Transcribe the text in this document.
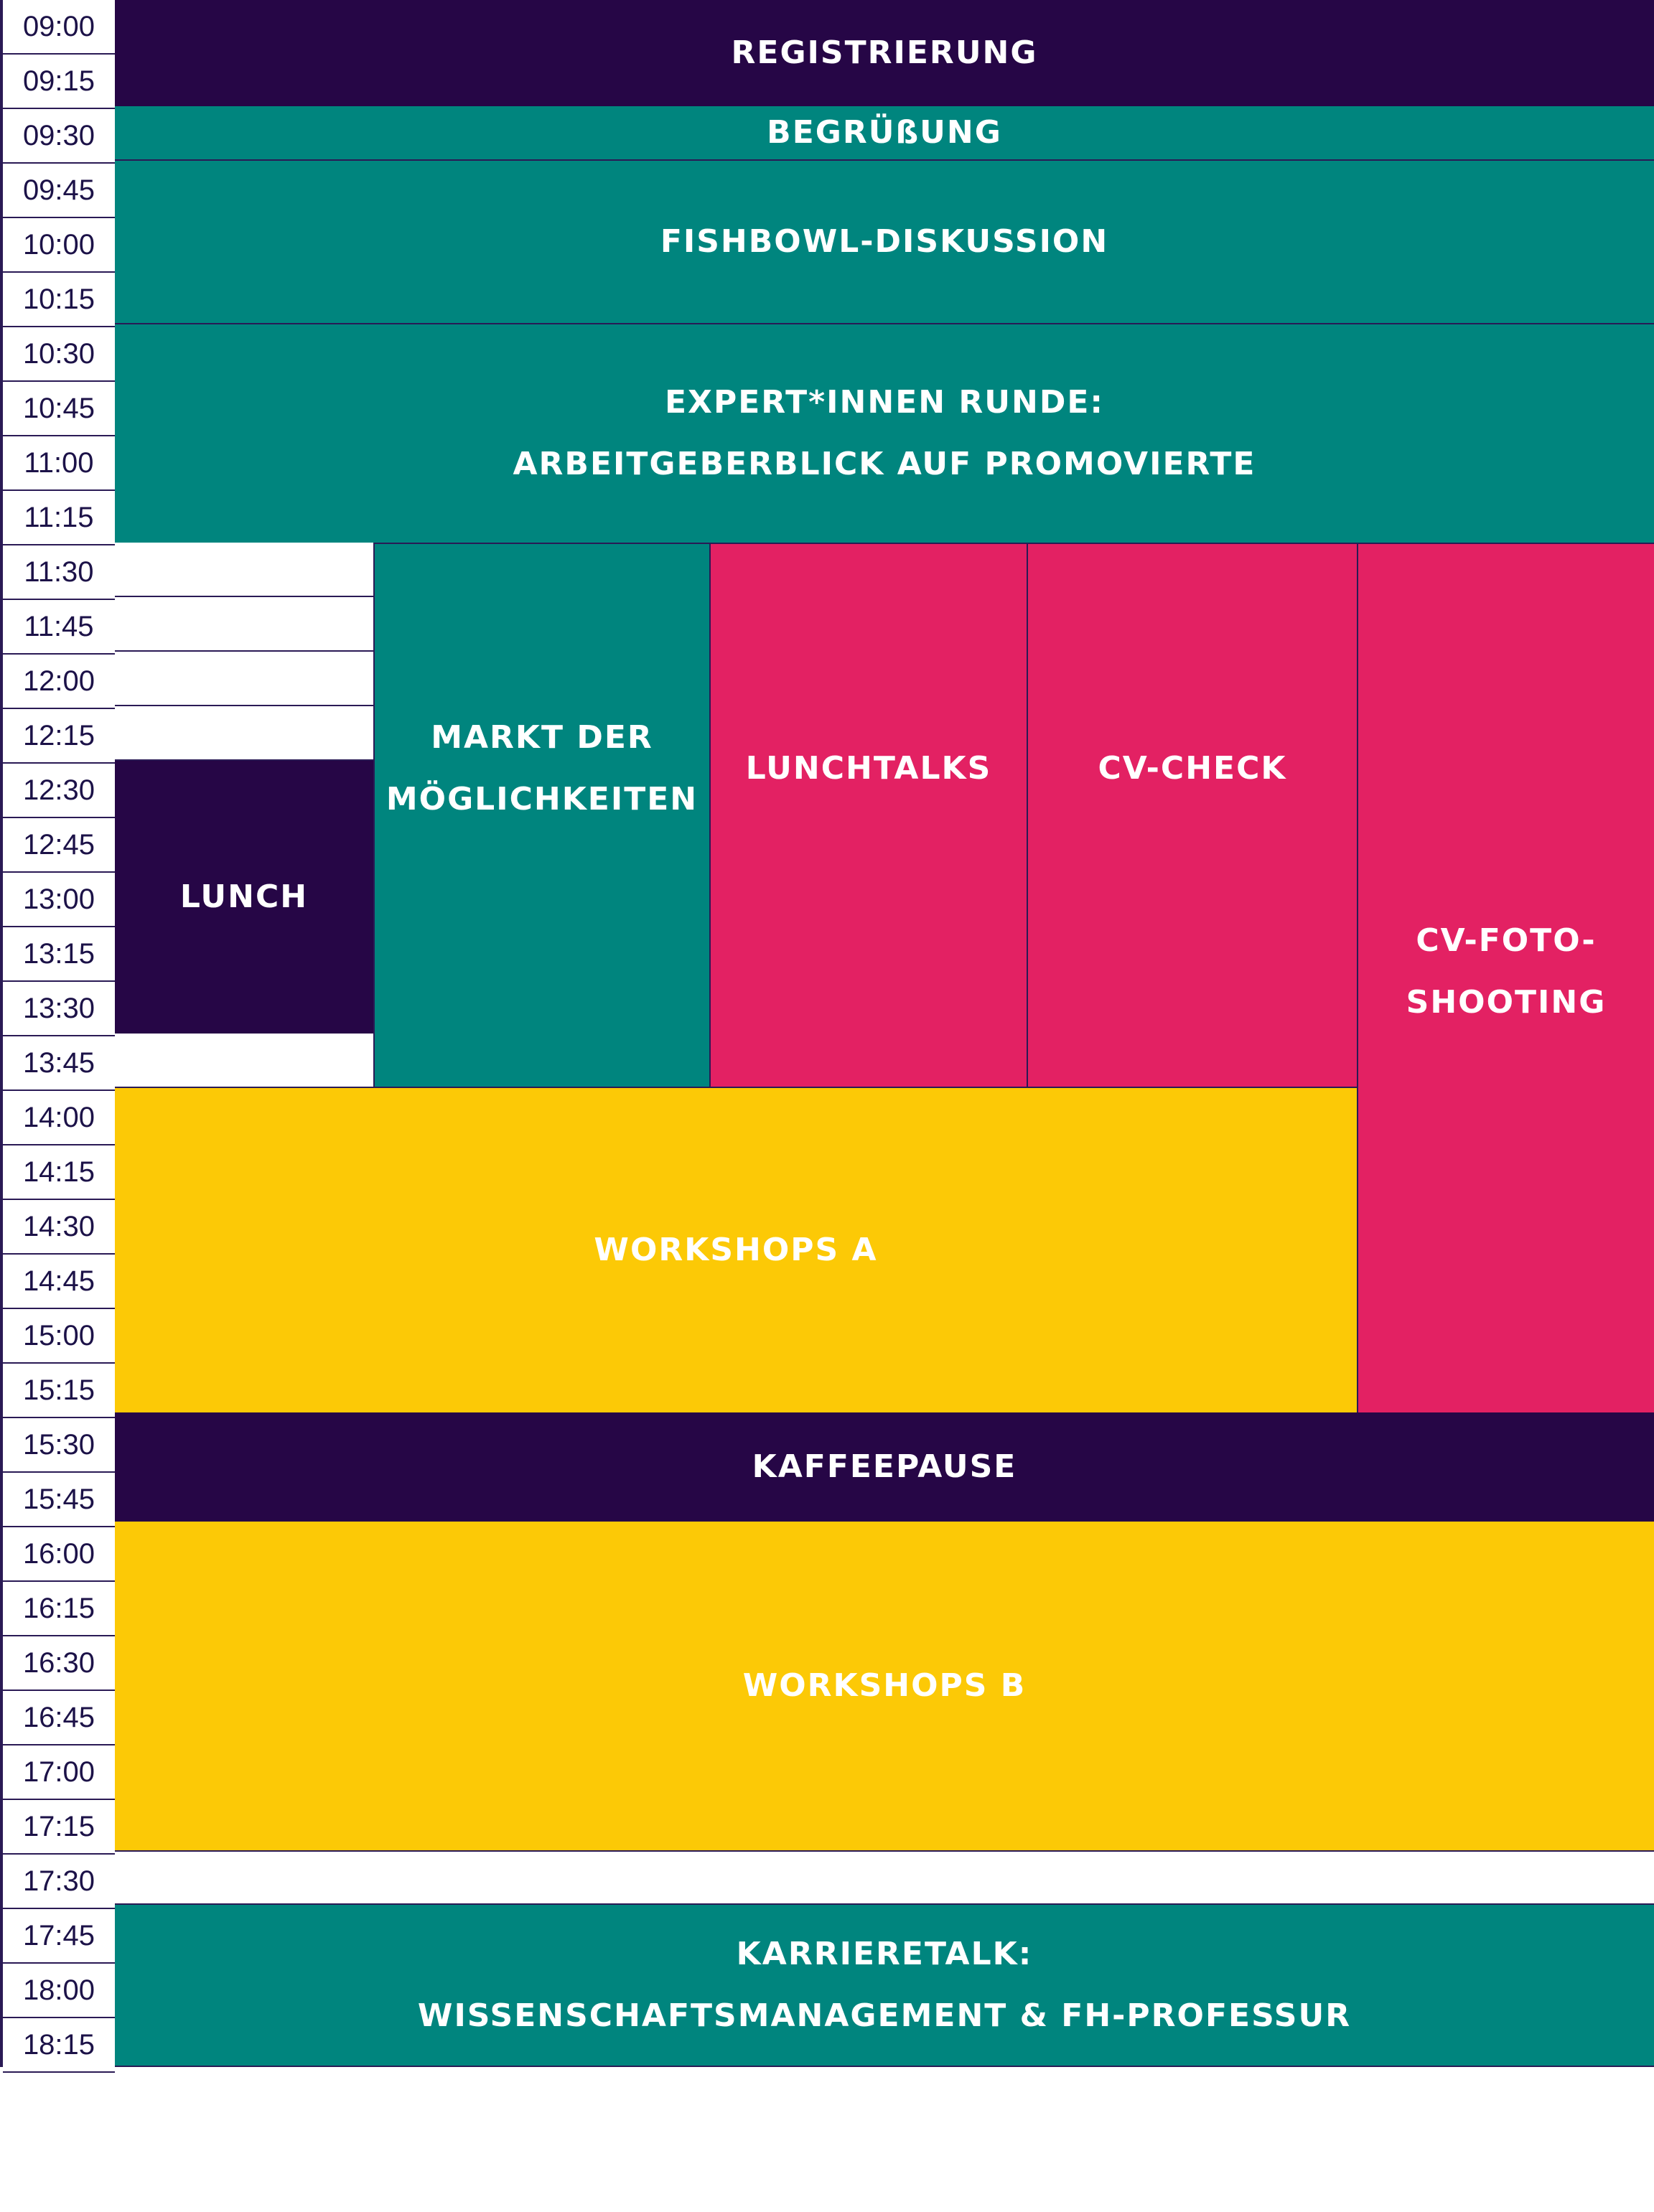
09:00
09:15
09:30
09:45
10:00
10:15
10:30
10:45
11:00
11:15
11:30
11:45
12:00
12:15
12:30
12:45
13:00
13:15
13:30
13:45
14:00
14:15
14:30
14:45
15:00
15:15
15:30
15:45
16:00
16:15
16:30
16:45
17:00
17:15
17:30
17:45
18:00
18:15
REGISTRIERUNG
BEGRÜßUNG
FISHBOWL-DISKUSSION
EXPERT*INNEN RUNDE:
ARBEITGEBERBLICK AUF PROMOVIERTE
LUNCH
MARKT DER
MÖGLICHKEITEN
LUNCHTALKS	CV-CHECK
CV-FOTO-
SHOOTING
WORKSHOPS A
KAFFEEPAUSE
WORKSHOPS B
KARRIERETALK:
WISSENSCHAFTSMANAGEMENT & FH-PROFESSUR
